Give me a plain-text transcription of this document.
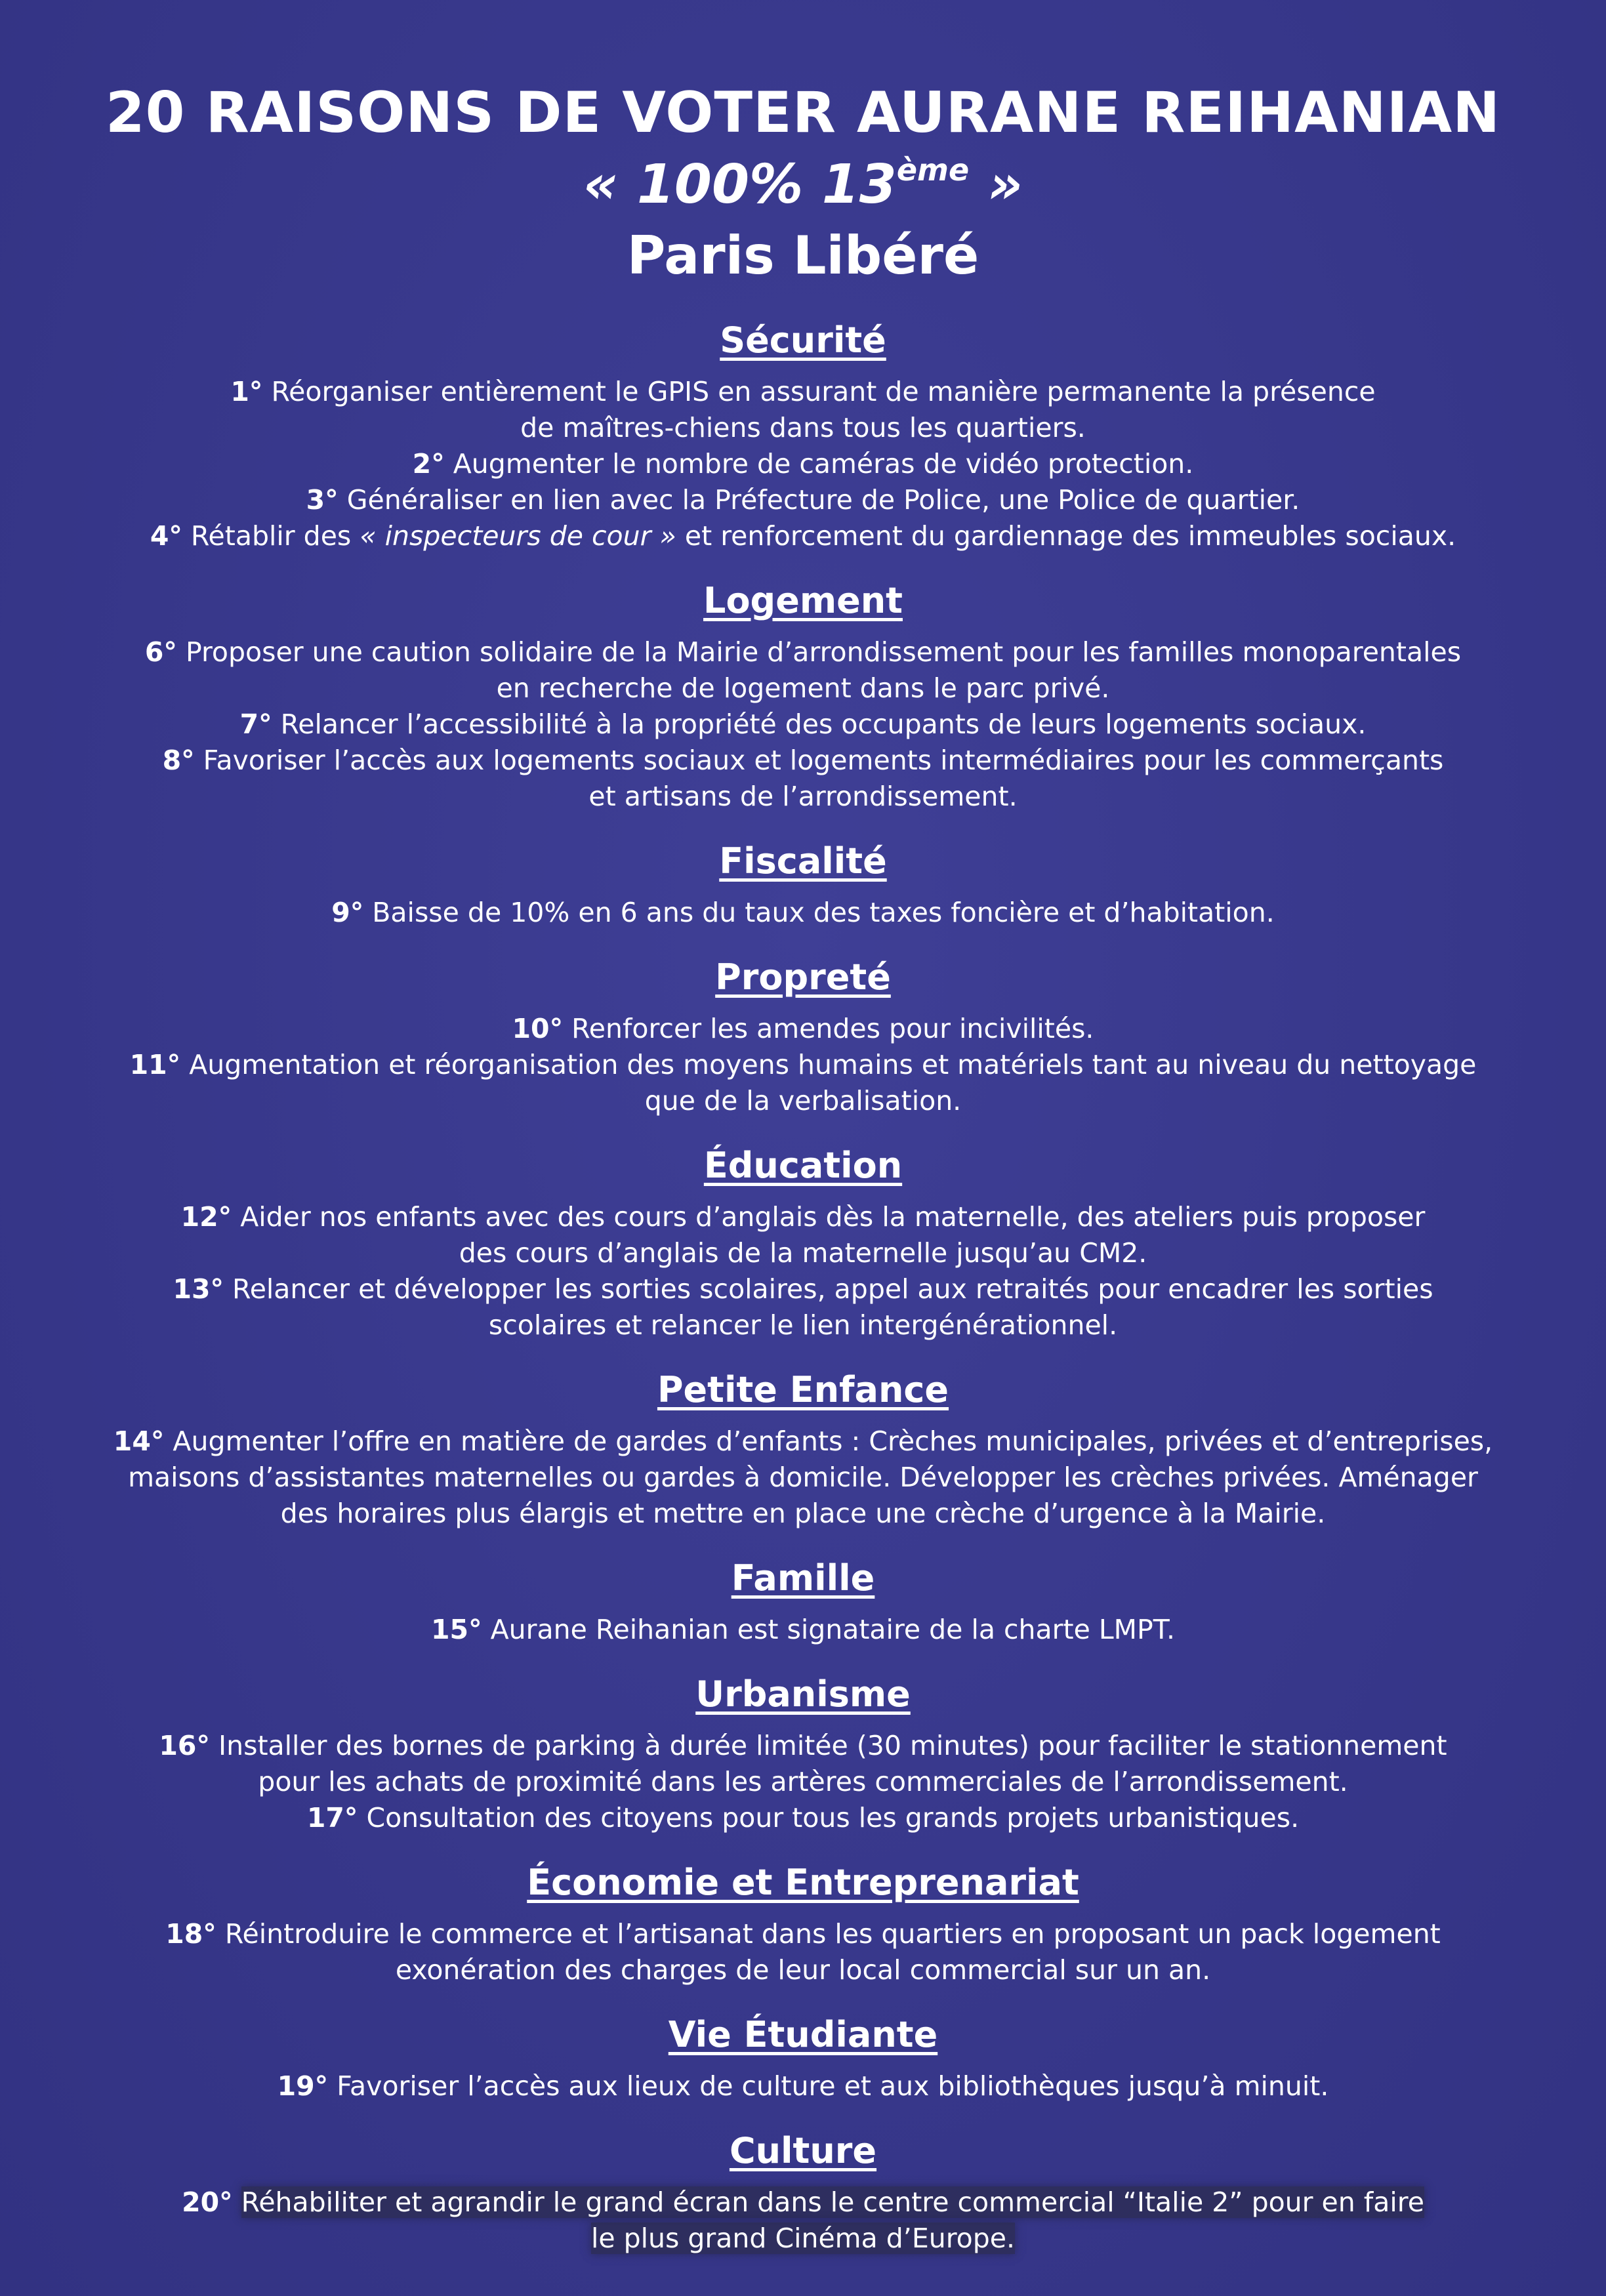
20 RAISONS DE VOTER AURANE REIHANIAN

« 100% 13ème »

Paris Libéré

Sécurité
1° Réorganiser entièrement le GPIS en assurant de manière permanente la présence
de maîtres-chiens dans tous les quartiers.
2° Augmenter le nombre de caméras de vidéo protection.
3° Généraliser en lien avec la Préfecture de Police, une Police de quartier.
4° Rétablir des « inspecteurs de cour » et renforcement du gardiennage des immeubles sociaux.
Logement
6° Proposer une caution solidaire de la Mairie d’arrondissement pour les familles monoparentales
en recherche de logement dans le parc privé.
7° Relancer l’accessibilité à la propriété des occupants de leurs logements sociaux.
8° Favoriser l’accès aux logements sociaux et logements intermédiaires pour les commerçants
et artisans de l’arrondissement.
Fiscalité
9° Baisse de 10% en 6 ans du taux des taxes foncière et d’habitation.
Propreté
10° Renforcer les amendes pour incivilités.
11° Augmentation et réorganisation des moyens humains et matériels tant au niveau du nettoyage
que de la verbalisation.
Éducation
12° Aider nos enfants avec des cours d’anglais dès la maternelle, des ateliers puis proposer
des cours d’anglais de la maternelle jusqu’au CM2.
13° Relancer et développer les sorties scolaires, appel aux retraités pour encadrer les sorties
scolaires et relancer le lien intergénérationnel.
Petite Enfance
14° Augmenter l’offre en matière de gardes d’enfants : Crèches municipales, privées et d’entreprises,
maisons d’assistantes maternelles ou gardes à domicile. Développer les crèches privées. Aménager
des horaires plus élargis et mettre en place une crèche d’urgence à la Mairie.
Famille
15° Aurane Reihanian est signataire de la charte LMPT.
Urbanisme
16° Installer des bornes de parking à durée limitée (30 minutes) pour faciliter le stationnement
pour les achats de proximité dans les artères commerciales de l’arrondissement.
17° Consultation des citoyens pour tous les grands projets urbanistiques.
Économie et Entreprenariat
18° Réintroduire le commerce et l’artisanat dans les quartiers en proposant un pack logement
exonération des charges de leur local commercial sur un an.
Vie Étudiante
19° Favoriser l’accès aux lieux de culture et aux bibliothèques jusqu’à minuit.
Culture
20° Réhabiliter et agrandir le grand écran dans le centre commercial “Italie 2” pour en faire
le plus grand Cinéma d’Europe.
